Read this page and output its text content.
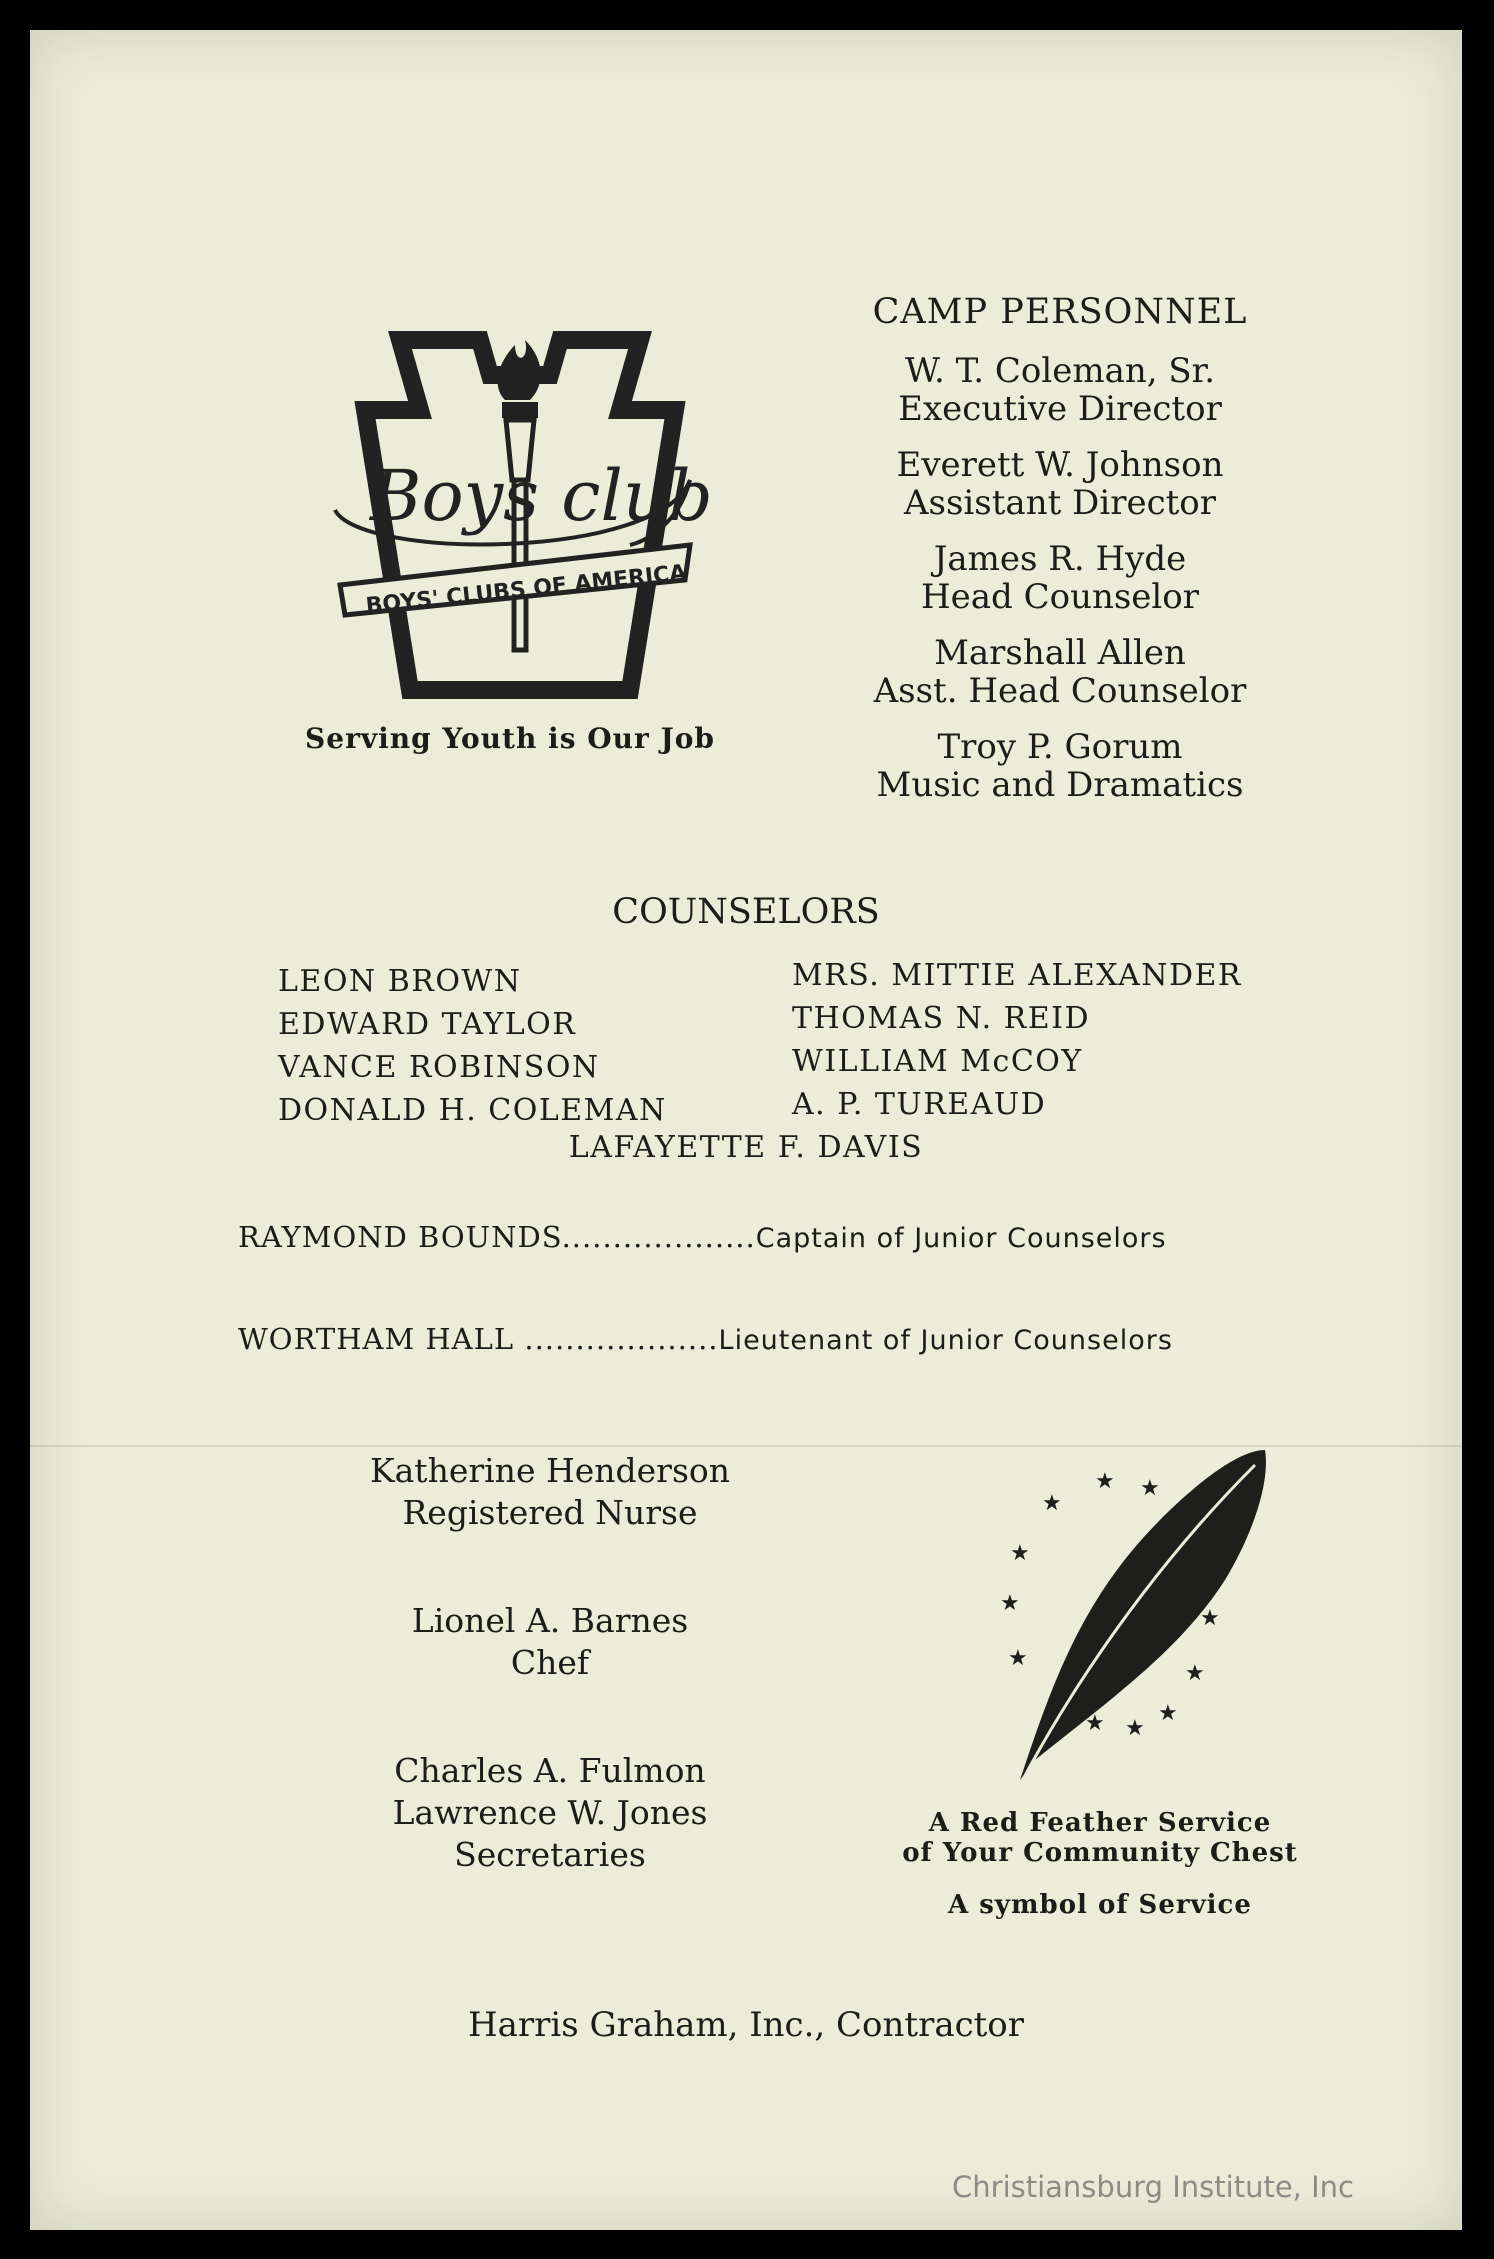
Boys club
BOYS' CLUBS OF AMERICA
Serving Youth is Our Job
CAMP PERSONNEL
W. T. Coleman, Sr.
Executive Director
Everett W. Johnson
Assistant Director
James R. Hyde
Head Counselor
Marshall Allen
Asst. Head Counselor
Troy P. Gorum
Music and Dramatics
COUNSELORS
LEON BROWN
EDWARD TAYLOR
VANCE ROBINSON
DONALD H. COLEMAN
MRS. MITTIE ALEXANDER
THOMAS N. REID
WILLIAM McCOY
A. P. TUREAUD
LAFAYETTE F. DAVIS
RAYMOND BOUNDS...................Captain of Junior Counselors
WORTHAM HALL ...................Lieutenant of Junior Counselors
Katherine Henderson
Registered Nurse
Lionel A. Barnes
Chef
Charles A. Fulmon
Lawrence W. Jones
Secretaries
★
★
★
★
★
★
★
★
★
★
★
★
A Red Feather Service
of Your Community Chest
A symbol of Service
Harris Graham, Inc., Contractor
Christiansburg Institute, Inc
